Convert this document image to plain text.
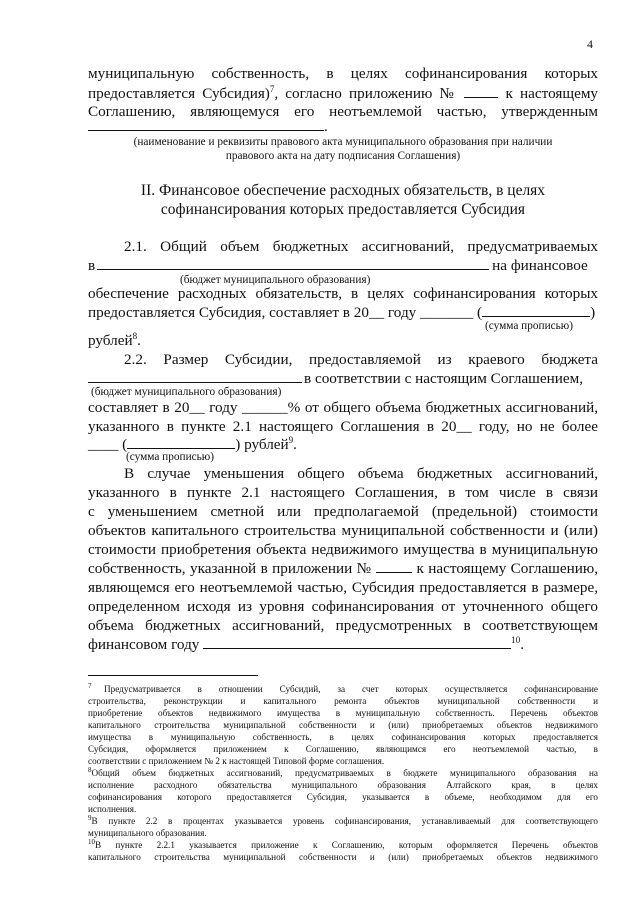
4
муниципальную собственность, в целях софинансирования которых
предоставляется Субсидия)$^7$, согласно приложению №	к настоящему
Соглашению, являющемуся его неотъемлемой частью, утвержденным
.
(наименование и реквизиты правового акта муниципального образования при наличии
правового акта на дату подписания Соглашения)
II. Финансовое обеспечение расходных обязательств, в целях
софинансирования которых предоставляется Субсидия
2.1. Общий объем бюджетных ассигнований, предусматриваемых
в	на финансовое
(бюджет муниципального образования)
обеспечение расходных обязательств, в целях софинансирования которых
предоставляется Субсидия, составляет в 20__ году _______ (	)
(сумма прописью)
рублей$^8$.
2.2. Размер Субсидии, предоставляемой из краевого бюджета
в соответствии с настоящим Соглашением,
(бюджет муниципального образования)
составляет в 20__ году ______% от общего объема бюджетных ассигнований,
указанного в пункте 2.1 настоящего Соглашения в 20__ году, но не более
____ (	) рублей$^9$.
(сумма прописью)
В случае уменьшения общего объема бюджетных ассигнований,
указанного в пункте 2.1 настоящего Соглашения, в том числе в связи
с уменьшением сметной или предполагаемой (предельной) стоимости
объектов капитального строительства муниципальной собственности и (или)
стоимости приобретения объекта недвижимого имущества в муниципальную
собственность, указанной в приложении №	к настоящему Соглашению,
являющемся его неотъемлемой частью, Субсидия предоставляется в размере,
определенном исходя из уровня софинансирования от уточненного общего
объема бюджетных ассигнований, предусмотренных в соответствующем
финансовом году	$^{10}$.
$^7$ Предусматривается в отношении Субсидий, за счет которых осуществляется софинансирование
строительства, реконструкции и капитального ремонта объектов муниципальной собственности и
приобретение объектов недвижимого имущества в муниципальную собственность. Перечень объектов
капитального строительства муниципальной собственности и (или) приобретаемых объектов недвижимого
имущества в муниципальную собственность, в целях софинансирования которых предоставляется
Субсидия, оформляется приложением к Соглашению, являющимся его неотъемлемой частью, в
соответствии с приложением № 2 к настоящей Типовой форме соглашения.
$^8$Общий объем бюджетных ассигнований, предусматриваемых в бюджете муниципального образования на
исполнение расходного обязательства муниципального образования Алтайского края, в целях
софинансирования которого предоставляется Субсидия, указывается в объеме, необходимом для его
исполнения.
$^9$В пункте 2.2 в процентах указывается уровень софинансирования, устанавливаемый для соответствующего
муниципального образования.
$^{10}$В пункте 2.2.1 указывается приложение к Соглашению, которым оформляется Перечень объектов
капитального строительства муниципальной собственности и (или) приобретаемых объектов недвижимого
